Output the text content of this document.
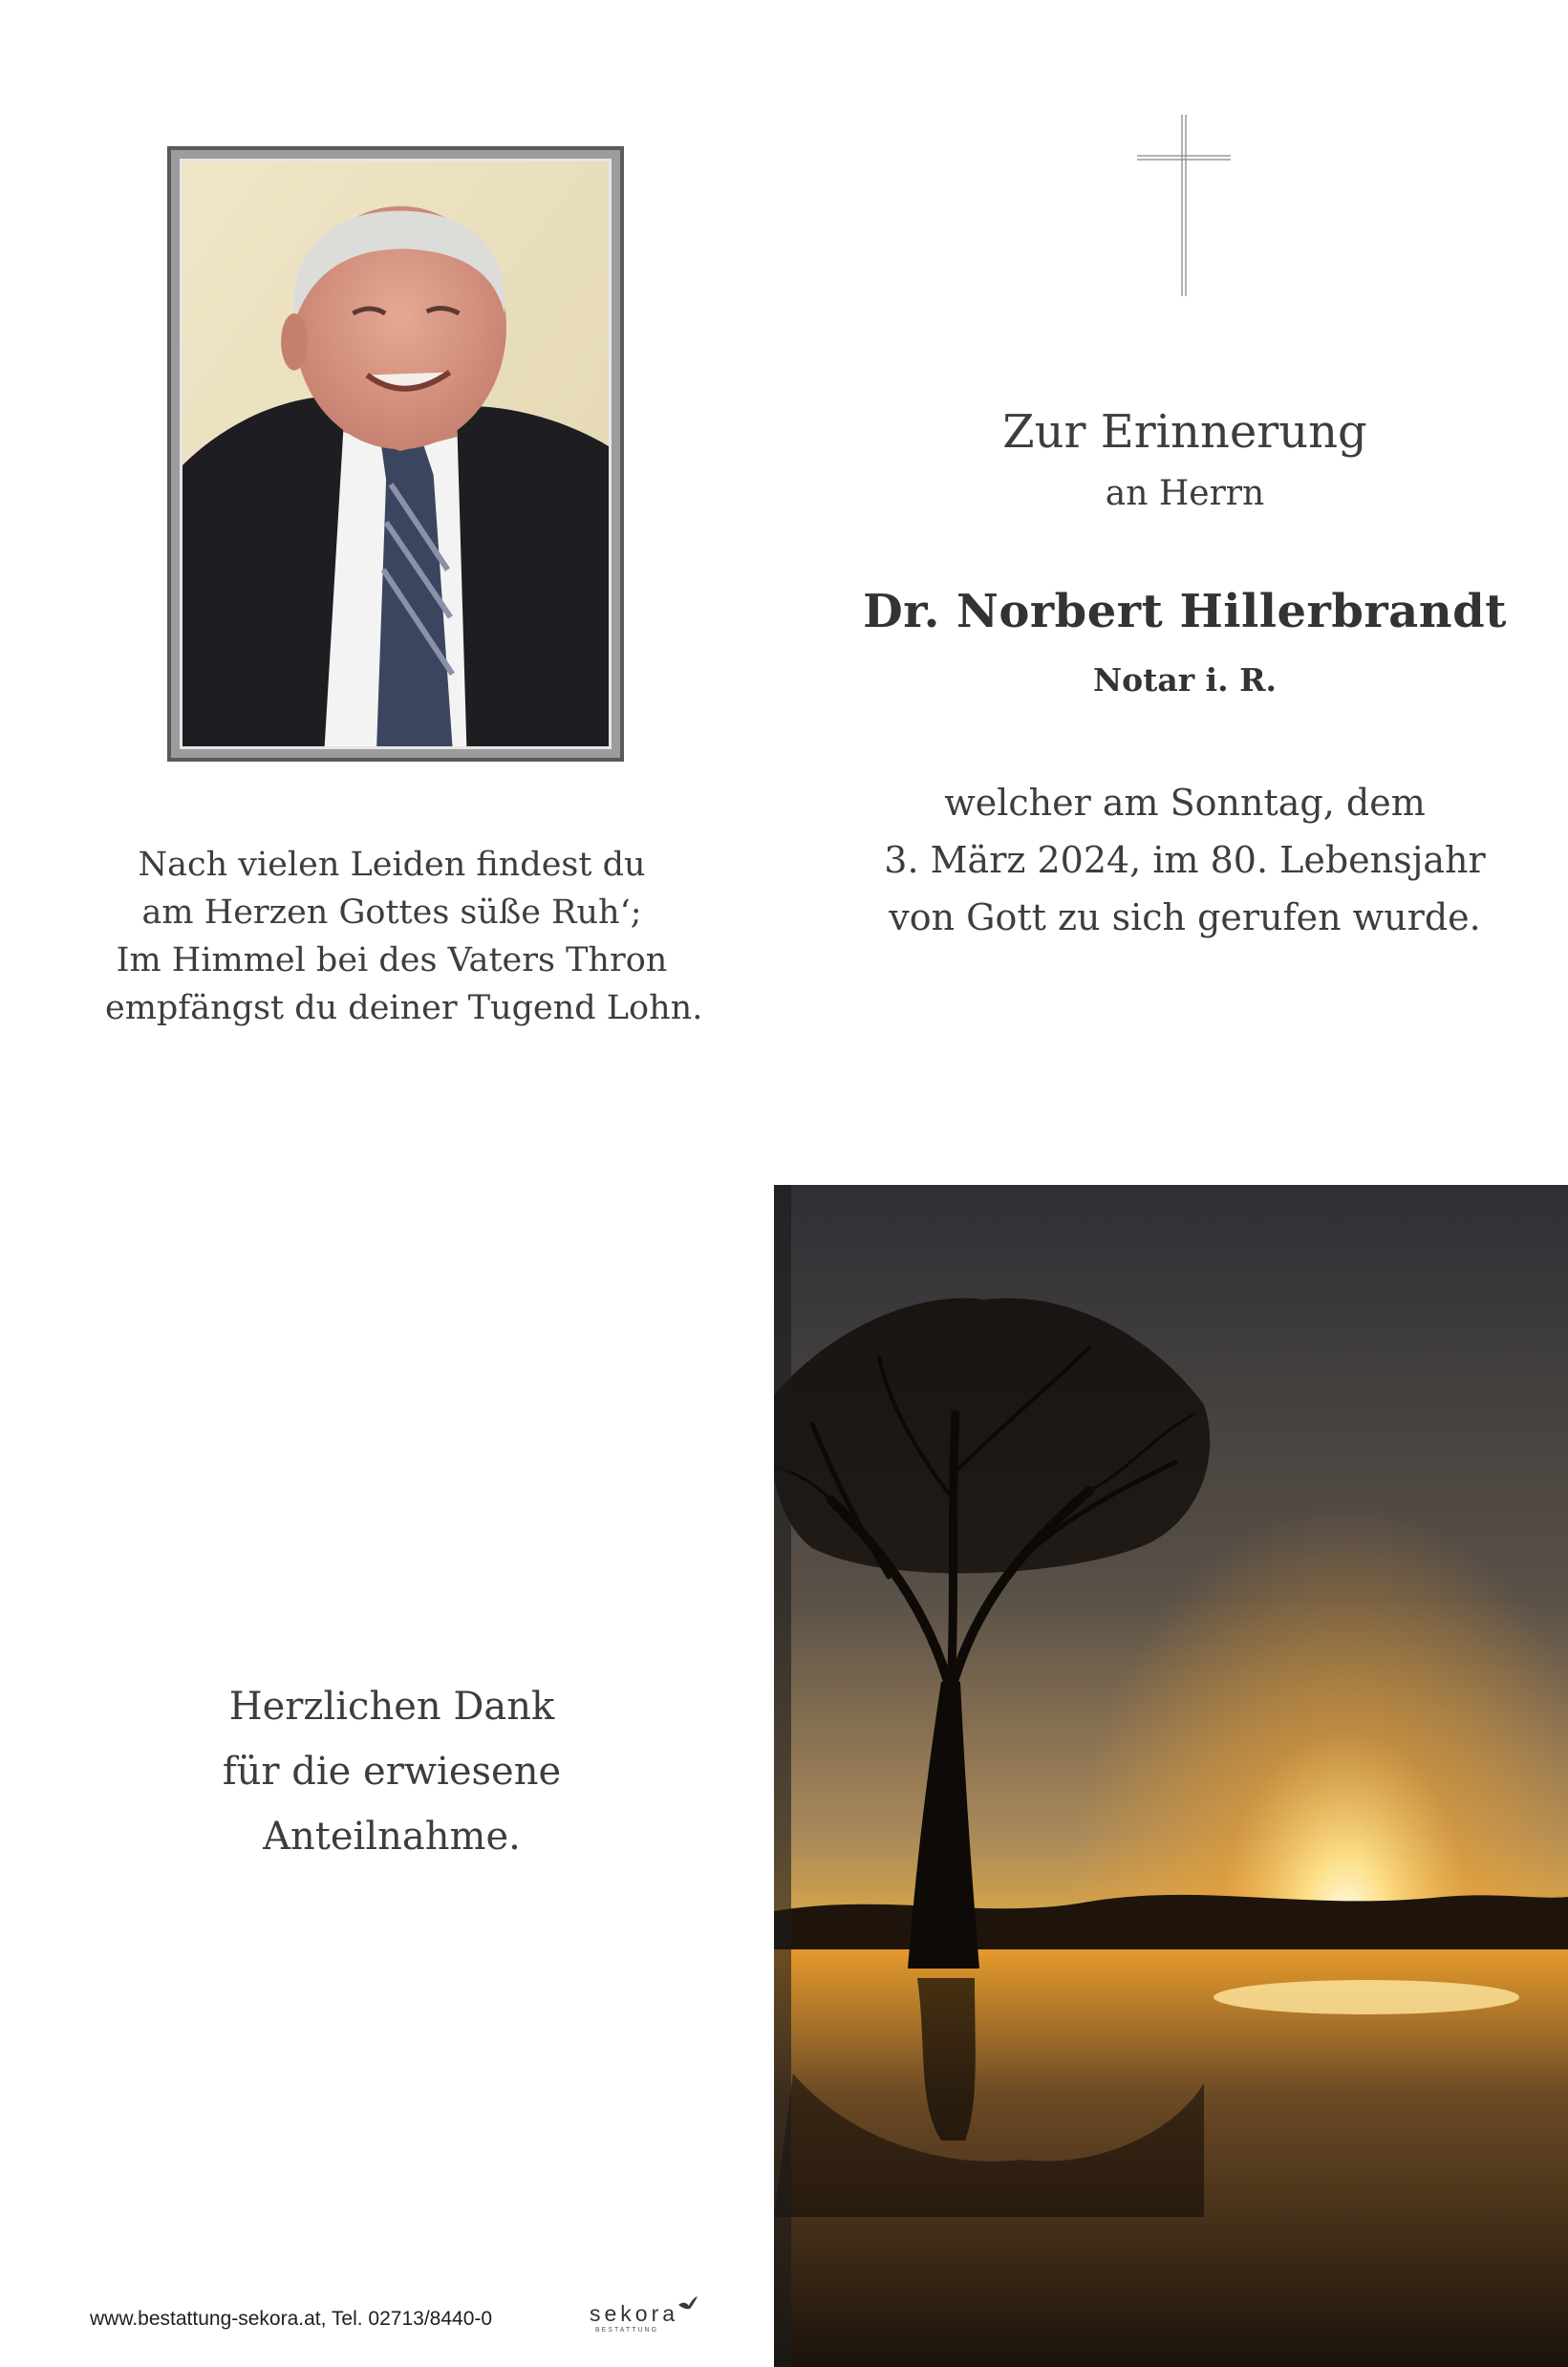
Zur Erinnerung
an Herrn
Dr. Norbert Hillerbrandt
Notar i. R.
welcher am Sonntag, dem
3. März 2024, im 80. Lebensjahr
von Gott zu sich gerufen wurde.
Nach vielen Leiden findest du
am Herzen Gottes süße Ruh‘;
Im Himmel bei des Vaters Thron
empfängst du deiner Tugend Lohn.
Herzlichen Dank
für die erwiesene
Anteilnahme.
www.bestattung-sekora.at, Tel. 02713/8440-0	sekora
BESTATTUNG
